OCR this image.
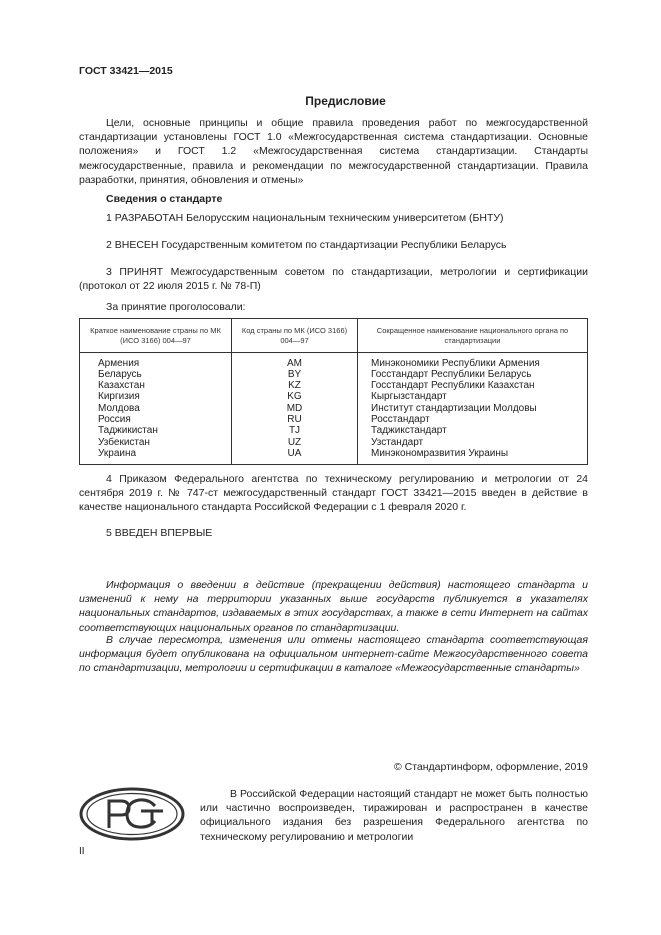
ГОСТ 33421—2015
Предисловие

Цели, основные принципы и общие правила проведения работ по межгосударственной стандартизации установлены ГОСТ 1.0 «Межгосударственная система стандартизации. Основные положения» и ГОСТ 1.2 «Межгосударственная система стандартизации. Стандарты межгосударственные, правила и рекомендации по межгосударственной стандартизации. Правила разработки, принятия, обновления и отмены»

Сведения о стандарте

1 РАЗРАБОТАН Белорусским национальным техническим университетом (БНТУ)

2 ВНЕСЕН Государственным комитетом по стандартизации Республики Беларусь

3 ПРИНЯТ Межгосударственным советом по стандартизации, метрологии и сертификации (протокол от 22 июля 2015 г. № 78-П)

За принятие проголосовали:

Краткое наименование страны по МК (ИСО 3166) 004—97	Код страны по МК (ИСО 3166) 004—97	Сокращенное наименование национального органа по стандартизации
Армения	AM	Минэкономики Республики Армения
Беларусь	BY	Госстандарт Республики Беларусь
Казахстан	KZ	Госстандарт Республики Казахстан
Киргизия	KG	Кыргызстандарт
Молдова	MD	Институт стандартизации Молдовы
Россия	RU	Росстандарт
Таджикистан	TJ	Таджикстандарт
Узбекистан	UZ	Узстандарт
Украина	UA	Минэкономразвития Украины

4 Приказом Федерального агентства по техническому регулированию и метрологии от 24 сентября 2019 г. № 747-ст межгосударственный стандарт ГОСТ 33421—2015 введен в действие в качестве национального стандарта Российской Федерации с 1 февраля 2020 г.

5 ВВЕДЕН ВПЕРВЫЕ

Информация о введении в действие (прекращении действия) настоящего стандарта и изменений к нему на территории указанных выше государств публикуется в указателях национальных стандартов, издаваемых в этих государствах, а также в сети Интернет на сайтах соответствующих национальных органов по стандартизации.

В случае пересмотра, изменения или отмены настоящего стандарта соответствующая информация будет опубликована на официальном интернет-сайте Межгосударственного совета по стандартизации, метрологии и сертификации в каталоге «Межгосударственные стандарты»

© Стандартинформ, оформление, 2019

В Российской Федерации настоящий стандарт не может быть полностью или частично воспроизведен, тиражирован и распространен в качестве официального издания без разрешения Федерального агентства по техническому регулированию и метрологии

II
